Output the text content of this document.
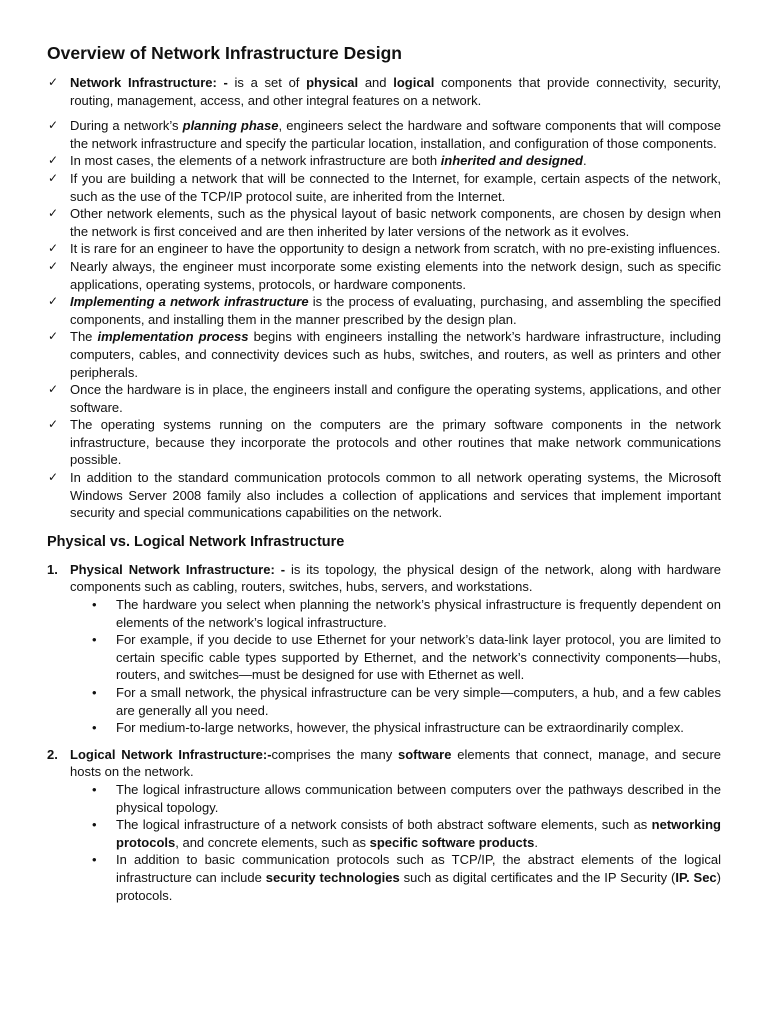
Overview of Network Infrastructure Design
✓ Network Infrastructure: - is a set of physical and logical components that provide connectivity, security, routing, management, access, and other integral features on a network.
✓ During a network’s planning phase, engineers select the hardware and software components that will compose the network infrastructure and specify the particular location, installation, and configuration of those components.
✓ In most cases, the elements of a network infrastructure are both inherited and designed.
✓ If you are building a network that will be connected to the Internet, for example, certain aspects of the network, such as the use of the TCP/IP protocol suite, are inherited from the Internet.
✓ Other network elements, such as the physical layout of basic network components, are chosen by design when the network is first conceived and are then inherited by later versions of the network as it evolves.
✓ It is rare for an engineer to have the opportunity to design a network from scratch, with no pre-existing influences.
✓ Nearly always, the engineer must incorporate some existing elements into the network design, such as specific applications, operating systems, protocols, or hardware components.
✓ Implementing a network infrastructure is the process of evaluating, purchasing, and assembling the specified components, and installing them in the manner prescribed by the design plan.
✓ The implementation process begins with engineers installing the network’s hardware infrastructure, including computers, cables, and connectivity devices such as hubs, switches, and routers, as well as printers and other peripherals.
✓ Once the hardware is in place, the engineers install and configure the operating systems, applications, and other software.
✓ The operating systems running on the computers are the primary software components in the network infrastructure, because they incorporate the protocols and other routines that make network communications possible.
✓ In addition to the standard communication protocols common to all network operating systems, the Microsoft Windows Server 2008 family also includes a collection of applications and services that implement important security and special communications capabilities on the network.
Physical vs. Logical Network Infrastructure
1. Physical Network Infrastructure: - is its topology, the physical design of the network, along with hardware components such as cabling, routers, switches, hubs, servers, and workstations.
• The hardware you select when planning the network’s physical infrastructure is frequently dependent on elements of the network’s logical infrastructure.
• For example, if you decide to use Ethernet for your network’s data-link layer protocol, you are limited to certain specific cable types supported by Ethernet, and the network’s connectivity components—hubs, routers, and switches—must be designed for use with Ethernet as well.
• For a small network, the physical infrastructure can be very simple—computers, a hub, and a few cables are generally all you need.
• For medium-to-large networks, however, the physical infrastructure can be extraordinarily complex.
2. Logical Network Infrastructure:-comprises the many software elements that connect, manage, and secure hosts on the network.
• The logical infrastructure allows communication between computers over the pathways described in the physical topology.
• The logical infrastructure of a network consists of both abstract software elements, such as networking protocols, and concrete elements, such as specific software products.
• In addition to basic communication protocols such as TCP/IP, the abstract elements of the logical infrastructure can include security technologies such as digital certificates and the IP Security (IP. Sec) protocols.
